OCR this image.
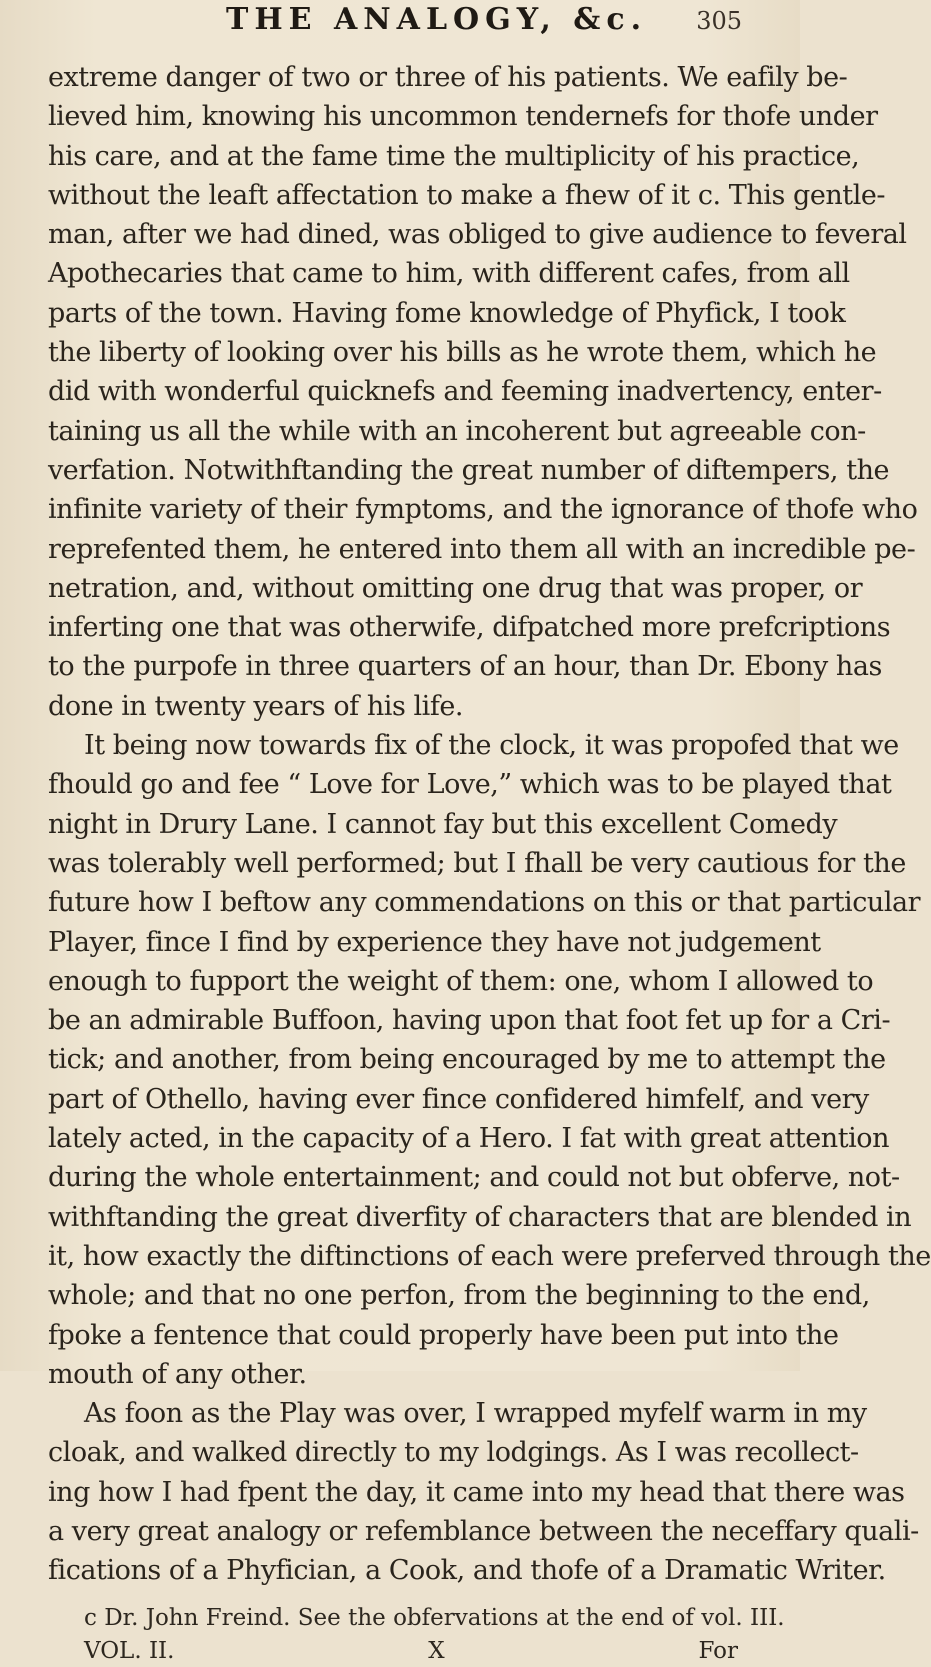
THE ANALOGY, &c. 305
extreme danger of two or three of his patients. We eafily be-
lieved him, knowing his uncommon tendernefs for thofe under
his care, and at the fame time the multiplicity of his practice,
without the leaft affectation to make a fhew of it c. This gentle-
man, after we had dined, was obliged to give audience to feveral
Apothecaries that came to him, with different cafes, from all
parts of the town. Having fome knowledge of Phyfick, I took
the liberty of looking over his bills as he wrote them, which he
did with wonderful quicknefs and feeming inadvertency, enter-
taining us all the while with an incoherent but agreeable con-
verfation. Notwithftanding the great number of diftempers, the
infinite variety of their fymptoms, and the ignorance of thofe who
reprefented them, he entered into them all with an incredible pe-
netration, and, without omitting one drug that was proper, or
inferting one that was otherwife, difpatched more prefcriptions
to the purpofe in three quarters of an hour, than Dr. Ebony has
done in twenty years of his life.
It being now towards fix of the clock, it was propofed that we
fhould go and fee “ Love for Love,” which was to be played that
night in Drury Lane. I cannot fay but this excellent Comedy
was tolerably well performed; but I fhall be very cautious for the
future how I beftow any commendations on this or that particular
Player, fince I find by experience they have not judgement
enough to fupport the weight of them: one, whom I allowed to
be an admirable Buffoon, having upon that foot fet up for a Cri-
tick; and another, from being encouraged by me to attempt the
part of Othello, having ever fince confidered himfelf, and very
lately acted, in the capacity of a Hero. I fat with great attention
during the whole entertainment; and could not but obferve, not-
withftanding the great diverfity of characters that are blended in
it, how exactly the diftinctions of each were preferved through the
whole; and that no one perfon, from the beginning to the end,
fpoke a fentence that could properly have been put into the
mouth of any other.
As foon as the Play was over, I wrapped myfelf warm in my
cloak, and walked directly to my lodgings. As I was recollect-
ing how I had fpent the day, it came into my head that there was
a very great analogy or refemblance between the neceffary quali-
fications of a Phyfician, a Cook, and thofe of a Dramatic Writer.
c Dr. John Freind. See the obfervations at the end of vol. III.
VOL. II.	X	For
